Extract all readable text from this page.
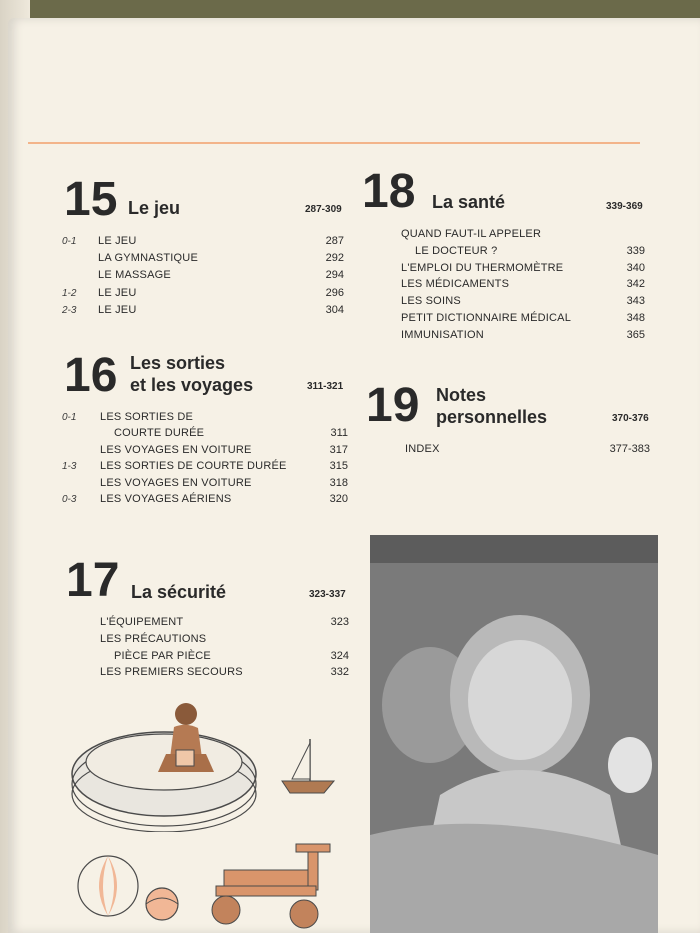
15 Le jeu	287-309
0-1 LE JEU	287
LA GYMNASTIQUE	292
LE MASSAGE	294
1-2 LE JEU	296
2-3 LE JEU	304
16 Les sorties
et les voyages	311-321
0-1 LES SORTIES DE
COURTE DURÉE	311
LES VOYAGES EN VOITURE	317
1-3 LES SORTIES DE COURTE DURÉE	315
LES VOYAGES EN VOITURE	318
0-3 LES VOYAGES AÉRIENS	320
17 La sécurité	323-337
L'ÉQUIPEMENT	323
LES PRÉCAUTIONS
PIÈCE PAR PIÈCE	324
LES PREMIERS SECOURS	332
18 La santé	339-369
QUAND FAUT-IL APPELER
LE DOCTEUR ?	339
L'EMPLOI DU THERMOMÈTRE	340
LES MÉDICAMENTS	342
LES SOINS	343
PETIT DICTIONNAIRE MÉDICAL	348
IMMUNISATION	365
19 Notes
personnelles	370-376
INDEX	377-383
